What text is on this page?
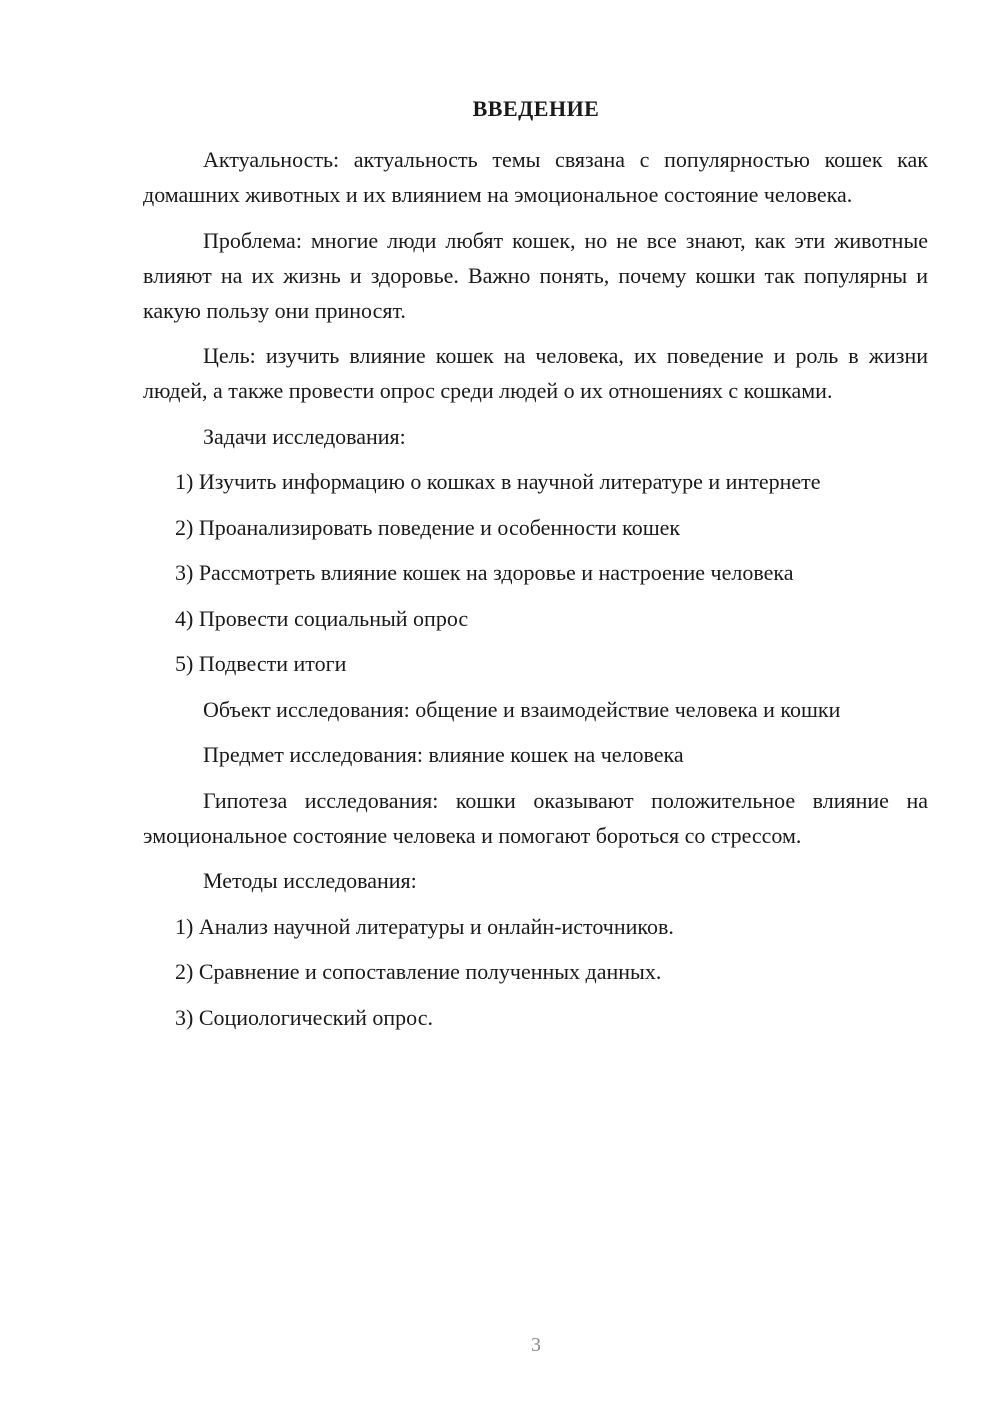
ВВЕДЕНИЕ

Актуальность: актуальность темы связана с популярностью кошек как домашних животных и их влиянием на эмоциональное состояние человека.

Проблема: многие люди любят кошек, но не все знают, как эти животные влияют на их жизнь и здоровье. Важно понять, почему кошки так популярны и какую пользу они приносят.

Цель: изучить влияние кошек на человека, их поведение и роль в жизни людей, а также провести опрос среди людей о их отношениях с кошками.

Задачи исследования:
1) Изучить информацию о кошках в научной литературе и интернете
2) Проанализировать поведение и особенности кошек
3) Рассмотреть влияние кошек на здоровье и настроение человека
4) Провести социальный опрос
5) Подвести итоги
Объект исследования: общение и взаимодействие человека и кошки
Предмет исследования: влияние кошек на человека

Гипотеза исследования: кошки оказывают положительное влияние на эмоциональное состояние человека и помогают бороться со стрессом.

Методы исследования:
1) Анализ научной литературы и онлайн-источников.
2) Сравнение и сопоставление полученных данных.
3) Социологический опрос.
3
